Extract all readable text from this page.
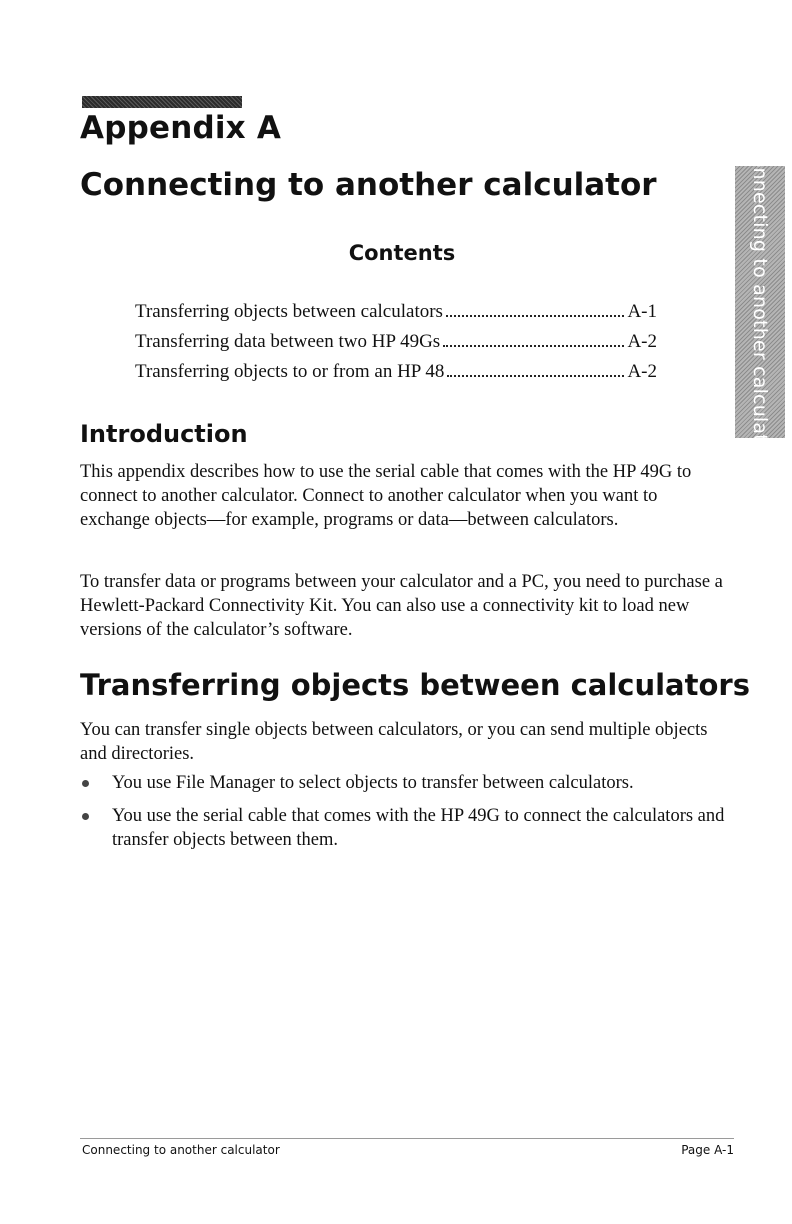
Appendix A
Connecting to another calculator	Connecting to another calculator
Contents
Transferring objects between calculators	A-1
Transferring data between two HP 49Gs	A-2
Transferring objects to or from an HP 48	A-2
Introduction

This appendix describes how to use the serial cable that comes with the HP 49G to connect to another calculator. Connect to another calculator when you want to exchange objects—for example, programs or data—between calculators.

To transfer data or programs between your calculator and a PC, you need to purchase a Hewlett-Packard Connectivity Kit. You can also use a connectivity kit to load new versions of the calculator’s software.

Transferring objects between calculators

You can transfer single objects between calculators, or you can send multiple objects and directories.

You use File Manager to select objects to transfer between calculators.
You use the serial cable that comes with the HP 49G to connect the calculators and transfer objects between them.
Connecting to another calculator	Page A-1
